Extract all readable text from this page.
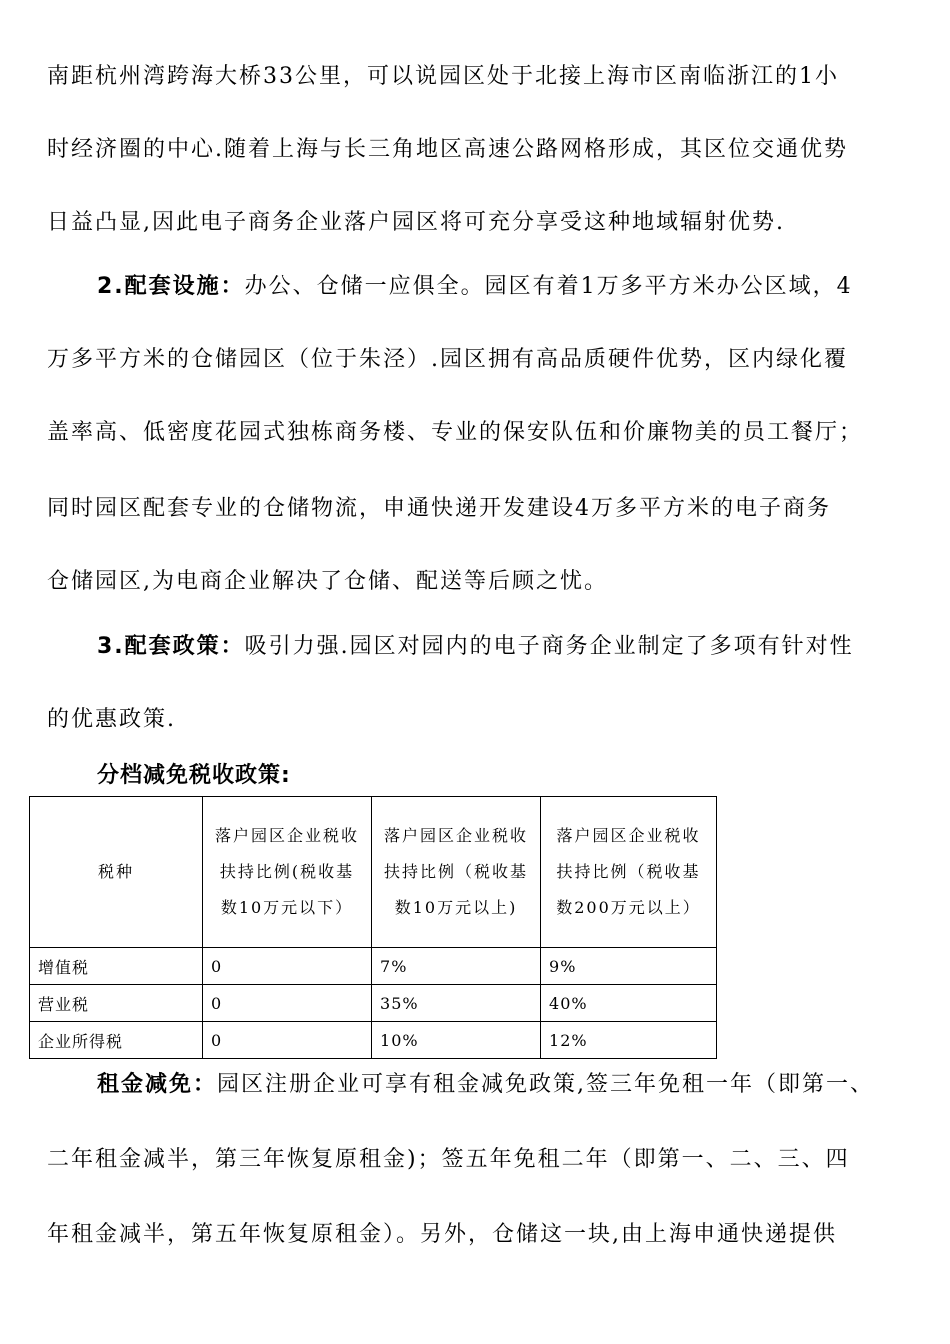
南距杭州湾跨海大桥33公里，可以说园区处于北接上海市区南临浙江的1小
时经济圈的中心.随着上海与长三角地区高速公路网格形成，其区位交通优势
日益凸显,因此电子商务企业落户园区将可充分享受这种地域辐射优势.
2.配套设施：办公、仓储一应俱全。园区有着1万多平方米办公区域，4
万多平方米的仓储园区（位于朱泾）.园区拥有高品质硬件优势，区内绿化覆
盖率高、低密度花园式独栋商务楼、专业的保安队伍和价廉物美的员工餐厅；
同时园区配套专业的仓储物流，申通快递开发建设4万多平方米的电子商务
仓储园区,为电商企业解决了仓储、配送等后顾之忧。
3.配套政策：吸引力强.园区对园内的电子商务企业制定了多项有针对性
的优惠政策.
分档减免税收政策:
税种	落户园区企业税收扶持比例(税收基数10万元以下）	落户园区企业税收扶持比例（税收基数10万元以上)	落户园区企业税收扶持比例（税收基数200万元以上）
增值税	0	7%	9%
营业税	0	35%	40%
企业所得税	0	10%	12%
租金减免：园区注册企业可享有租金减免政策,签三年免租一年（即第一、
二年租金减半，第三年恢复原租金)；签五年免租二年（即第一、二、三、四
年租金减半，第五年恢复原租金）。另外，仓储这一块,由上海申通快递提供
